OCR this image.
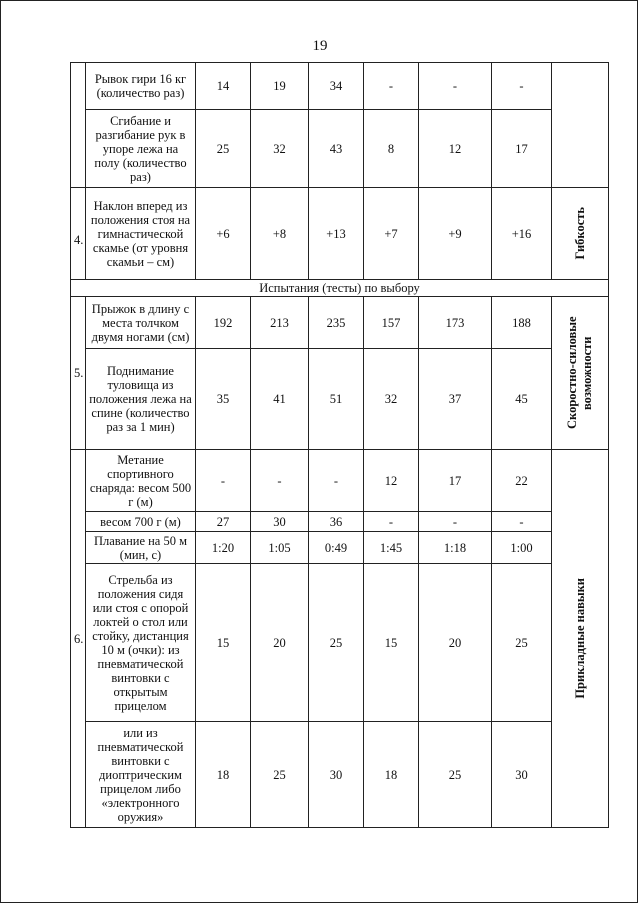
19
	Рывок гири 16 кг (количество раз)	14	19	34	-	-	-	
	Сгибание и разгибание рук в упоре лежа на полу (количество раз)	25	32	43	8	12	17	
4.	Наклон вперед из положения стоя на гимнастической скамье (от уровня скамьи – см)	+6	+8	+13	+7	+9	+16	Гибкость

Испытания (тесты) по выбору								
5.	Прыжок в длину с места толчком двумя ногами (см)	192	213	235	157	173	188	Скоростно-силовые возможности

	Поднимание туловища из положения лежа на спине (количество раз за 1 мин)	35	41	51	32	37	45	
6.	Метание спортивного снаряда: весом 500 г (м)	-	-	-	12	17	22	Прикладные навыки

	весом 700 г (м)	27	30	36	-	-	-	
	Плавание на 50 м (мин, с)	1:20	1:05	0:49	1:45	1:18	1:00	
	Стрельба из положения сидя или стоя с опорой локтей о стол или стойку, дистанция 10 м (очки): из пневматической винтовки с открытым прицелом	15	20	25	15	20	25	
	или из пневматической винтовки с диоптрическим прицелом либо «электронного оружия»	18	25	30	18	25	30	
